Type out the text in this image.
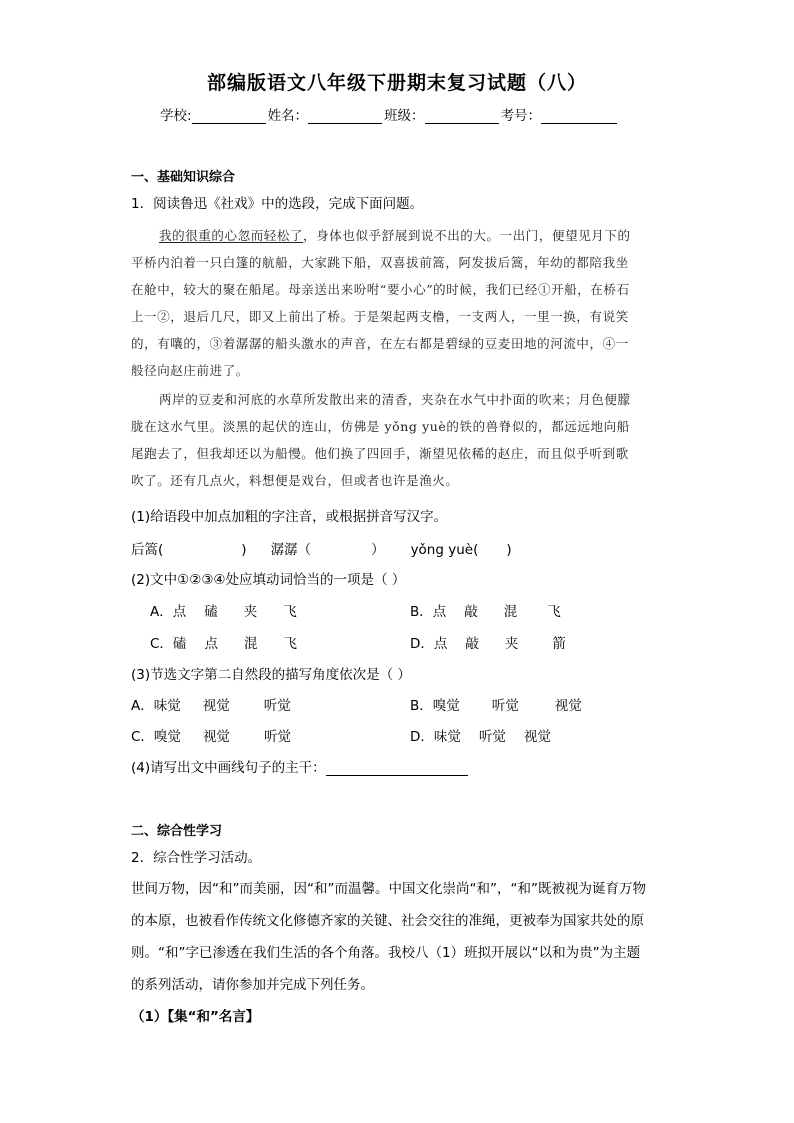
部编版语文八年级下册期末复习试题（八）
学校:	姓名：	班级：	考号：
一、基础知识综合
1．阅读鲁迅《社戏》中的选段，完成下面问题。
我的很重的心忽而轻松了，身体也似乎舒展到说不出的大。一出门，便望见月下的
平桥内泊着一只白篷的航船，大家跳下船，双喜拔前篙，阿发拔后篙，年幼的都陪我坐
在舱中，较大的聚在船尾。母亲送出来吩咐“要小心”的时候，我们已经①开船，在桥石
上一②，退后几尺，即又上前出了桥。于是架起两支橹，一支两人，一里一换，有说笑
的，有嚷的，③着潺潺的船头激水的声音，在左右都是碧绿的豆麦田地的河流中，④一
般径向赵庄前进了。
两岸的豆麦和河底的水草所发散出来的清香，夹杂在水气中扑面的吹来；月色便朦
胧在这水气里。淡黑的起伏的连山，仿佛是 yǒng yuè的铁的兽脊似的，都远远地向船
尾跑去了，但我却还以为船慢。他们换了四回手，渐望见依稀的赵庄，而且似乎听到歌
吹了。还有几点火，料想便是戏台，但或者也许是渔火。
(1)给语段中加点加粗的字注音，或根据拼音写汉字。
后篙(	) 潺潺（	） yǒng yuè( )
(2)文中①②③④处应填动词恰当的一项是（ ）
A．点 磕 夹 飞	B．点 敲 混 飞
C．磕 点 混 飞	D．点 敲 夹	箭
(3)节选文字第二自然段的描写角度依次是（ ）
A．味觉 视觉	听觉	B．嗅觉 听觉	视觉
C．嗅觉 视觉	听觉	D．味觉 听觉 视觉
(4)请写出文中画线句子的主干：
二、综合性学习
2．综合性学习活动。
世间万物，因“和”而美丽，因“和”而温馨。中国文化崇尚“和”，“和”既被视为诞育万物
的本原，也被看作传统文化修德齐家的关键、社会交往的准绳，更被奉为国家共处的原
则。“和”字已渗透在我们生活的各个角落。我校八（1）班拟开展以“以和为贵”为主题
的系列活动，请你参加并完成下列任务。
（1）【集“和”名言】
